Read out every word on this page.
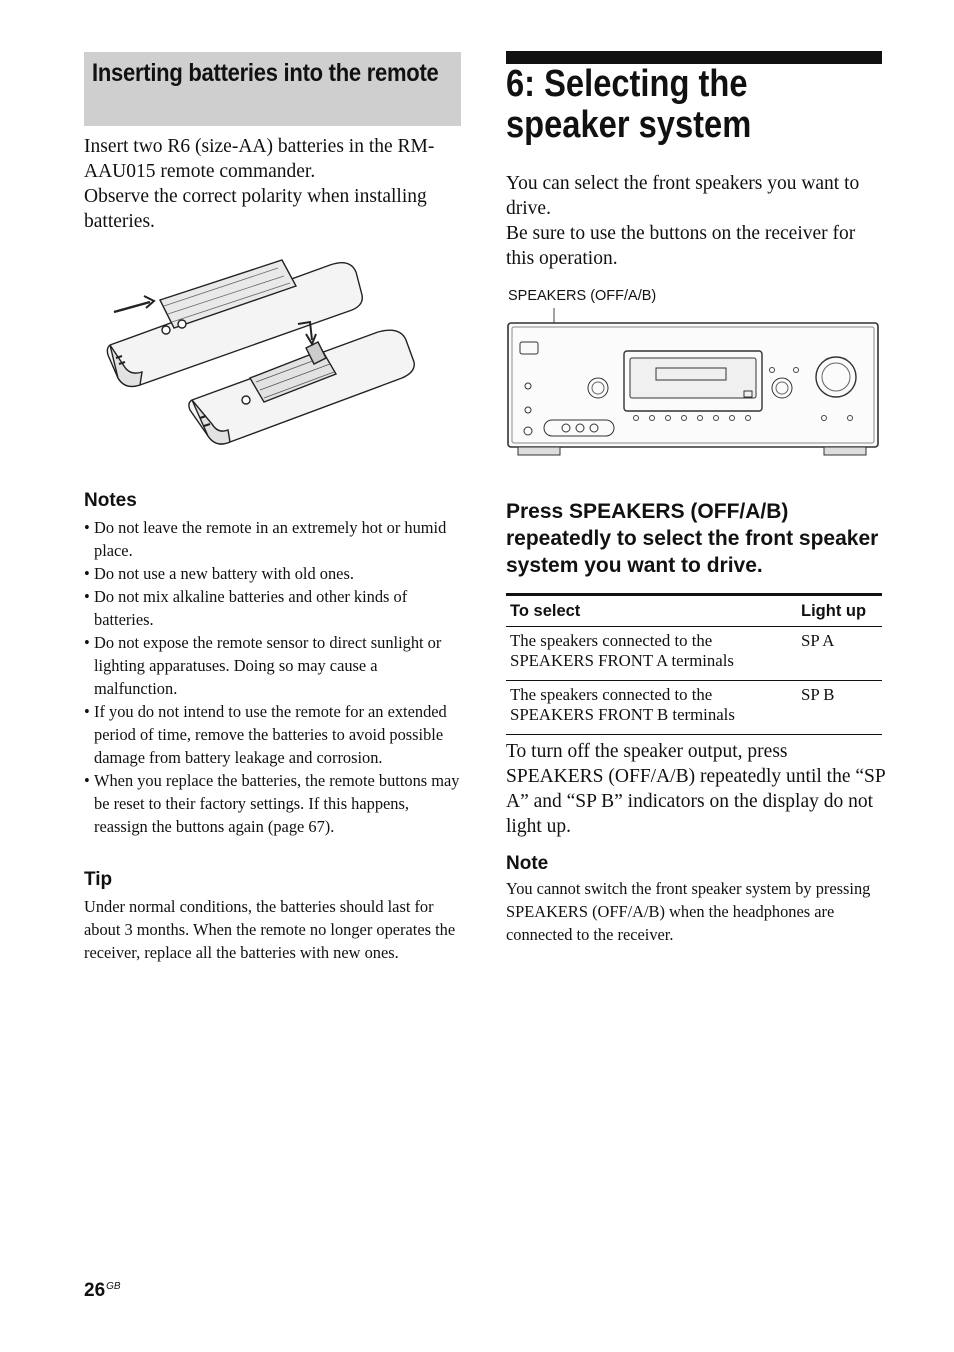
Inserting batteries into the remote

Insert two R6 (size-AA) batteries in the RM-AAU015 remote commander.

Observe the correct polarity when installing batteries.

Notes
• Do not leave the remote in an extremely hot or humid place.
• Do not use a new battery with old ones.
• Do not mix alkaline batteries and other kinds of batteries.
• Do not expose the remote sensor to direct sunlight or lighting apparatuses. Doing so may cause a malfunction.
• If you do not intend to use the remote for an extended period of time, remove the batteries to avoid possible damage from battery leakage and corrosion.
• When you replace the batteries, the remote buttons may be reset to their factory settings. If this happens, reassign the buttons again (page 67).
Tip
Under normal conditions, the batteries should last for about 3 months. When the remote no longer operates the receiver, replace all the batteries with new ones.
6: Selecting the speaker system

You can select the front speakers you want to drive.

Be sure to use the buttons on the receiver for this operation.

SPEAKERS (OFF/A/B)
Press SPEAKERS (OFF/A/B) repeatedly to select the front speaker system you want to drive.
To select	Light up
The speakers connected to the SPEAKERS FRONT A terminals	SP A
The speakers connected to the SPEAKERS FRONT B terminals	SP B
To turn off the speaker output, press SPEAKERS (OFF/A/B) repeatedly until the “SP A” and “SP B” indicators on the display do not light up.
Note
You cannot switch the front speaker system by pressing SPEAKERS (OFF/A/B) when the headphones are connected to the receiver.
$26^{GB}$
